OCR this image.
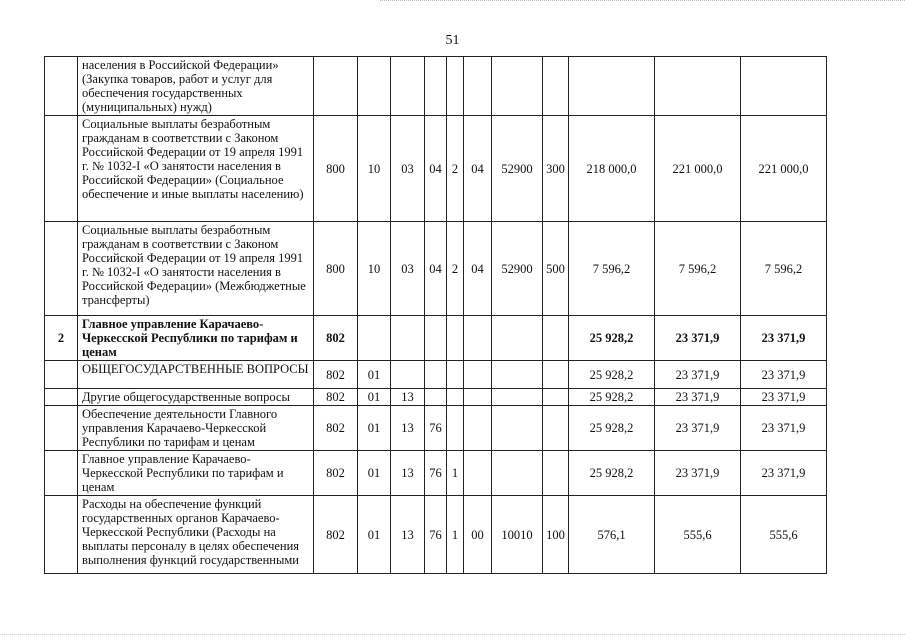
51
	населения в Российской Федерации» (Закупка товаров, работ и услуг для обеспечения государственных (муниципальных) нужд)											
	Социальные выплаты безработным гражданам в соответствии с Законом Российской Федерации от 19 апреля 1991 г. № 1032-I «О занятости населения в Российской Федерации» (Социальное обеспечение и иные выплаты населению)	800	10	03	04	2	04	52900	300	218 000,0	221 000,0	221 000,0
	Социальные выплаты безработным гражданам в соответствии с Законом Российской Федерации от 19 апреля 1991 г. № 1032-I «О занятости населения в Российской Федерации» (Межбюджетные трансферты)	800	10	03	04	2	04	52900	500	7 596,2	7 596,2	7 596,2
2	Главное управление Карачаево-Черкесской Республики по тарифам и ценам	802								25 928,2	23 371,9	23 371,9
	ОБЩЕГОСУДАРСТВЕННЫЕ ВОПРОСЫ	802	01							25 928,2	23 371,9	23 371,9
	Другие общегосударственные вопросы	802	01	13						25 928,2	23 371,9	23 371,9
	Обеспечение деятельности Главного управления Карачаево-Черкесской Республики по тарифам и ценам	802	01	13	76					25 928,2	23 371,9	23 371,9
	Главное управление Карачаево-Черкесской Республики по тарифам и ценам	802	01	13	76	1				25 928,2	23 371,9	23 371,9
	Расходы на обеспечение функций государственных органов Карачаево-Черкесской Республики (Расходы на выплаты персоналу в целях обеспечения выполнения функций государственными	802	01	13	76	1	00	10010	100	576,1	555,6	555,6
